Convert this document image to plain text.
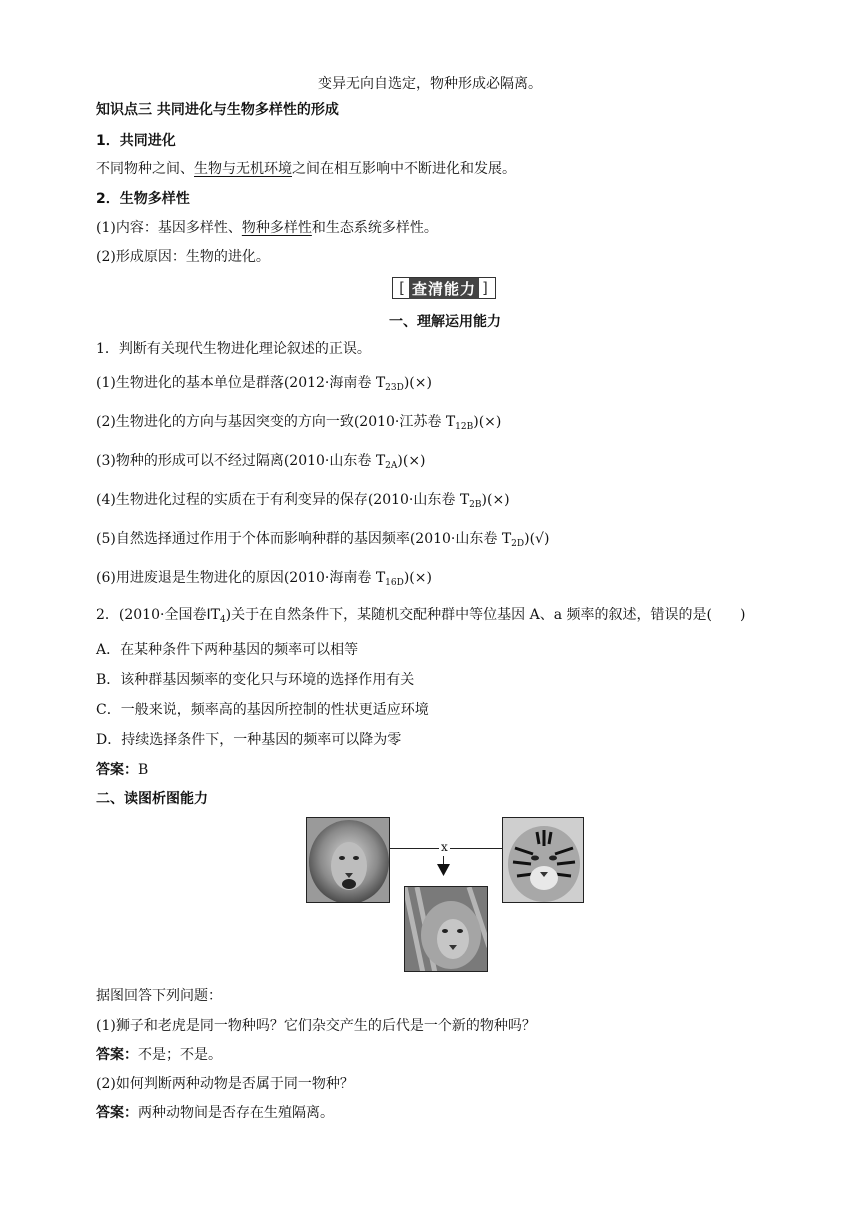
变异无向自选定，物种形成必隔离。
知识点三 共同进化与生物多样性的形成
1．共同进化
不同物种之间、生物与无机环境之间在相互影响中不断进化和发展。
2．生物多样性
(1)内容：基因多样性、物种多样性和生态系统多样性。
(2)形成原因：生物的进化。
[ 查清能力 ]
一、理解运用能力
1．判断有关现代生物进化理论叙述的正误。
(1)生物进化的基本单位是群落(2012·海南卷 $T_{23D})(\times)$
(2)生物进化的方向与基因突变的方向一致(2010·江苏卷 $T_{12B})(\times)$
(3)物种的形成可以不经过隔离(2010·山东卷 $T_{2A})(\times)$
(4)生物进化过程的实质在于有利变异的保存(2010·山东卷 $T_{2B})(\times)$
(5)自然选择通过作用于个体而影响种群的基因频率(2010·山东卷 $T_{2D})(√)$
(6)用进废退是生物进化的原因(2010·海南卷 $T_{16D})(\times)$
2．(2010·全国卷$ⅠT_4$)关于在自然条件下，某随机交配种群中等位基因 A、a 频率的叙述，错误的是(　　)
A．在某种条件下两种基因的频率可以相等
B．该种群基因频率的变化只与环境的选择作用有关
C．一般来说，频率高的基因所控制的性状更适应环境
D．持续选择条件下，一种基因的频率可以降为零
答案：B
二、读图析图能力
x
据图回答下列问题：
(1)狮子和老虎是同一物种吗？它们杂交产生的后代是一个新的物种吗？
答案：不是；不是。
(2)如何判断两种动物是否属于同一物种？
答案：两种动物间是否存在生殖隔离。
